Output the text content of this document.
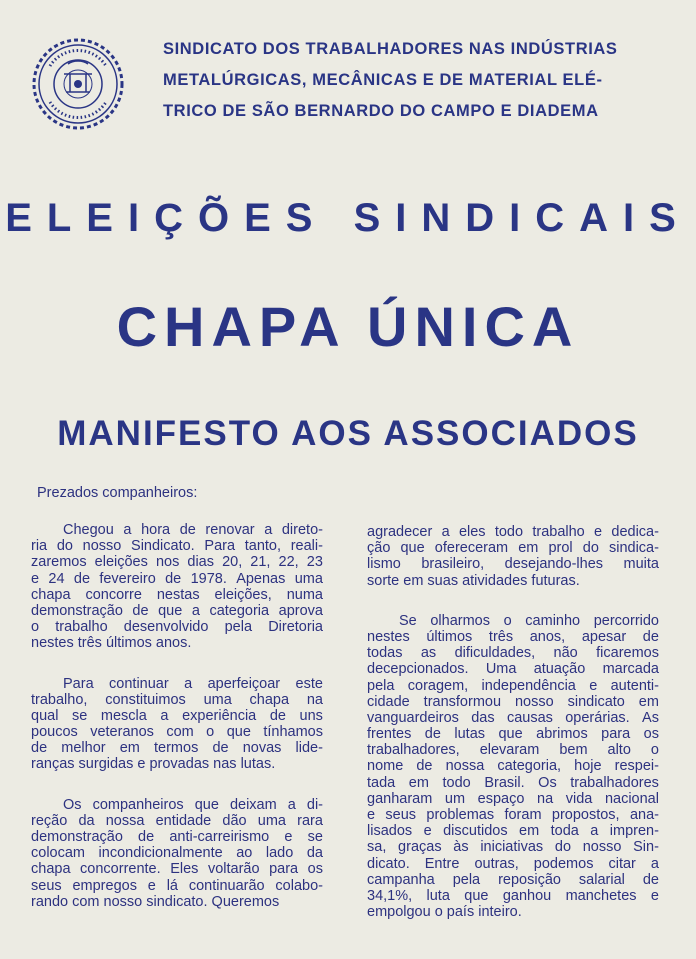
SINDICATO DOS TRABALHADORES NAS INDÚSTRIAS
METALÚRGICAS, MECÂNICAS E DE MATERIAL ELÉ-
TRICO DE SÃO BERNARDO DO CAMPO E DIADEMA
ELEIÇÕES SINDICAIS
CHAPA ÚNICA
MANIFESTO AOS ASSOCIADOS
Prezados companheiros:
Chegou a hora de renovar a direto-
ria do nosso Sindicato. Para tanto, reali-
zaremos eleições nos dias 20, 21, 22, 23
e 24 de fevereiro de 1978. Apenas uma
chapa concorre nestas eleições, numa
demonstração de que a categoria aprova
o trabalho desenvolvido pela Diretoria
nestes três últimos anos.
Para continuar a aperfeiçoar este
trabalho, constituimos uma chapa na
qual se mescla a experiência de uns
poucos veteranos com o que tínhamos
de melhor em termos de novas lide-
ranças surgidas e provadas nas lutas.
Os companheiros que deixam a di-
reção da nossa entidade dão uma rara
demonstração de anti-carreirismo e se
colocam incondicionalmente ao lado da
chapa concorrente. Eles voltarão para os
seus empregos e lá continuarão colabo-
rando com nosso sindicato. Queremos
agradecer a eles todo trabalho e dedica-
ção que ofereceram em prol do sindica-
lismo brasileiro, desejando-lhes muita
sorte em suas atividades futuras.
Se olharmos o caminho percorrido
nestes últimos três anos, apesar de
todas as dificuldades, não ficaremos
decepcionados. Uma atuação marcada
pela coragem, independência e autenti-
cidade transformou nosso sindicato em
vanguardeiros das causas operárias. As
frentes de lutas que abrimos para os
trabalhadores, elevaram bem alto o
nome de nossa categoria, hoje respei-
tada em todo Brasil. Os trabalhadores
ganharam um espaço na vida nacional
e seus problemas foram propostos, ana-
lisados e discutidos em toda a impren-
sa, graças às iniciativas do nosso Sin-
dicato. Entre outras, podemos citar a
campanha pela reposição salarial de
34,1%, luta que ganhou manchetes e
empolgou o país inteiro.
